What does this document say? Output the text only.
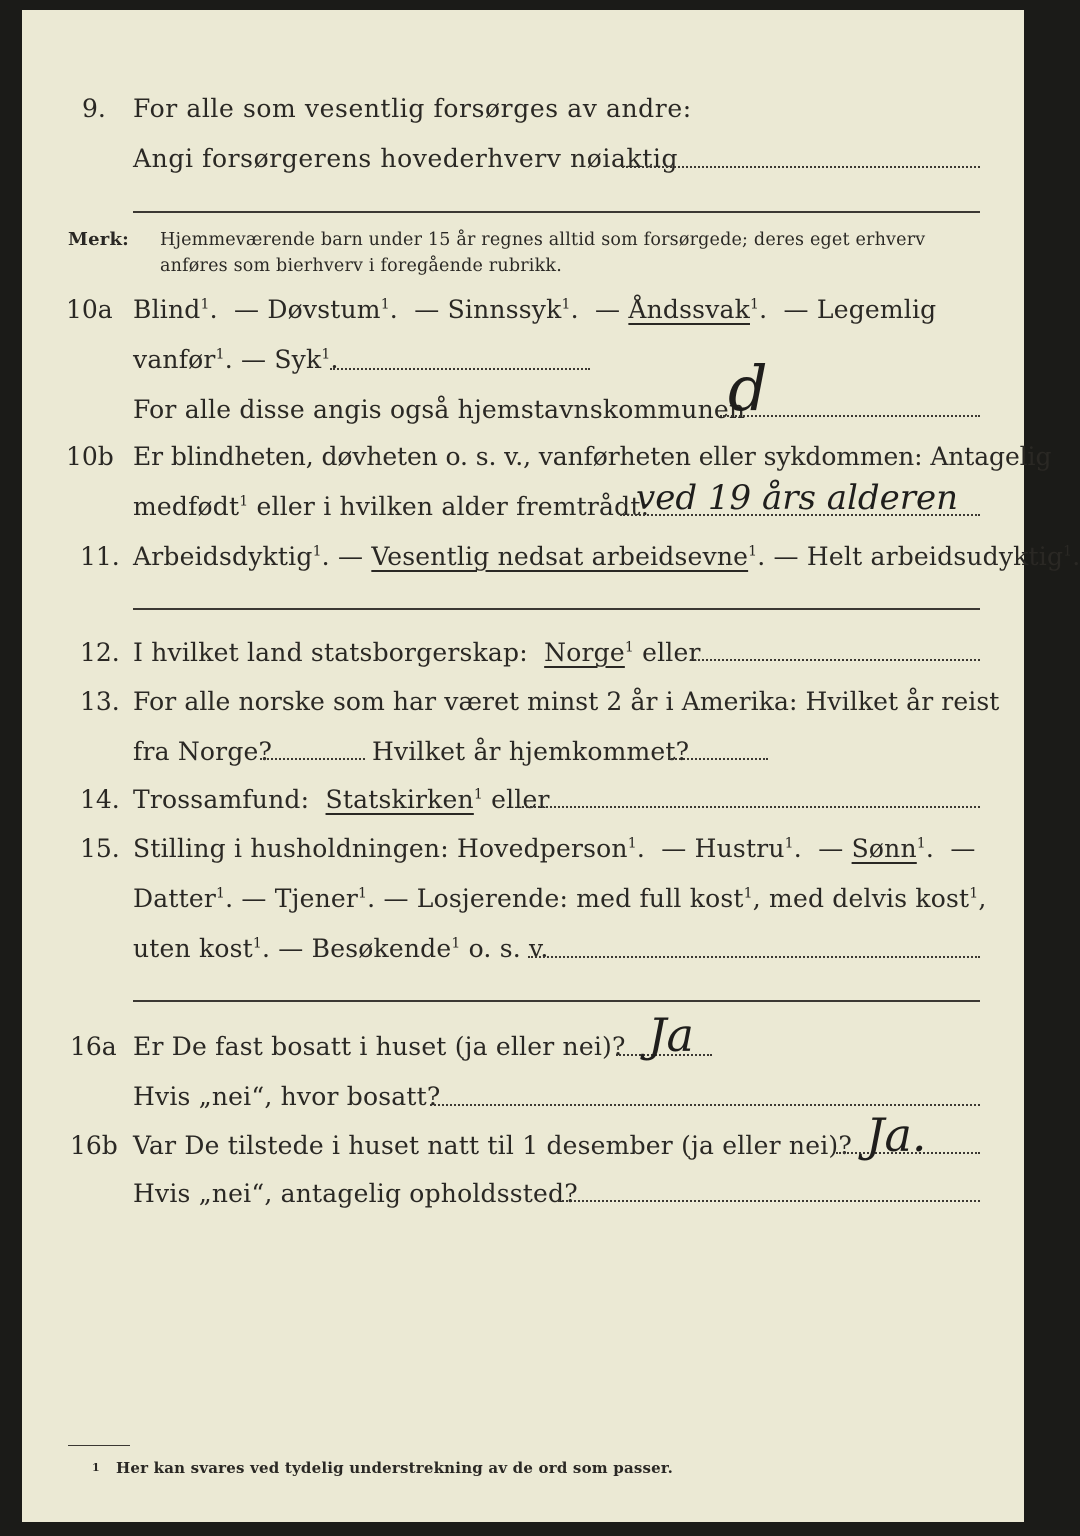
9. For alle som vesentlig forsørges av andre:
Angi forsørgerens hovederhverv nøiaktig
Merk: Hjemmeværende barn under 15 år regnes alltid som forsørgede; deres eget erhverv
anføres som bierhverv i foregående rubrikk.
10a Blind$^1$.  — Døvstum$^1$.  — Sinnssyk$^1$.  — Åndssvak$^1$.  — Legemlig
vanfør$^1$. — Syk$^1$.
For alle disse angis også hjemstavnskommunen
d
10b Er blindheten, døvheten o. s. v., vanførheten eller sykdommen: Antagelig
medfødt$^1$ eller i hvilken alder fremtrådt:
ved 19 års alderen
11. Arbeidsdyktig$^1$. — Vesentlig nedsat arbeidsevne$^1$. — Helt arbeidsudyktig$^1$.
12. I hvilket land statsborgerskap: Norge$^1$ eller
13. For alle norske som har været minst 2 år i Amerika: Hvilket år reist
fra Norge?	Hvilket år hjemkommet?
14. Trossamfund: Statskirken$^1$ eller
15. Stilling i husholdningen: Hovedperson$^1$.  — Hustru$^1$.  — Sønn$^1$.  —
Datter$^1$. — Tjener$^1$. — Losjerende: med full kost$^1$, med delvis kost$^1$,
uten kost$^1$. — Besøkende$^1$ o. s. v.
16a Er De fast bosatt i huset (ja eller nei)? Ja
Hvis „nei“, hvor bosatt?
16b Var De tilstede i huset natt til 1 desember (ja eller nei)? Ja.
Hvis „nei“, antagelig opholdssted?
1 Her kan svares ved tydelig understrekning av de ord som passer.
